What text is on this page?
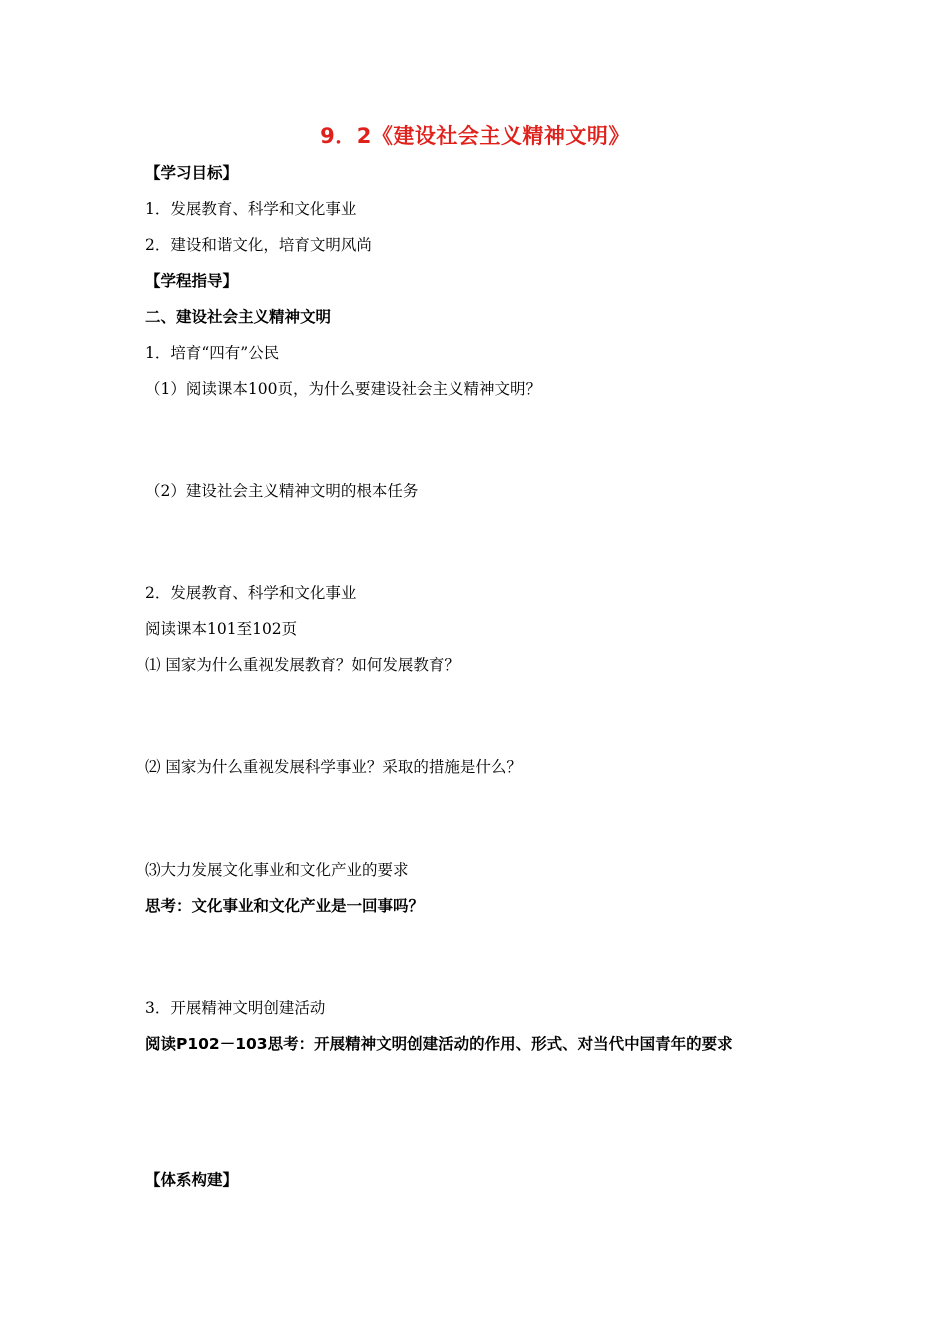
9．2《建设社会主义精神文明》
【学习目标】
1．发展教育、科学和文化事业
2．建设和谐文化，培育文明风尚
【学程指导】
二、建设社会主义精神文明
1．培育“四有”公民
（1）阅读课本100页，为什么要建设社会主义精神文明？
（2）建设社会主义精神文明的根本任务
2．发展教育、科学和文化事业
阅读课本101至102页
⑴ 国家为什么重视发展教育？如何发展教育？
⑵ 国家为什么重视发展科学事业？采取的措施是什么？
⑶大力发展文化事业和文化产业的要求
思考：文化事业和文化产业是一回事吗？
3．开展精神文明创建活动
阅读P102－103思考：开展精神文明创建活动的作用、形式、对当代中国青年的要求
【体系构建】
